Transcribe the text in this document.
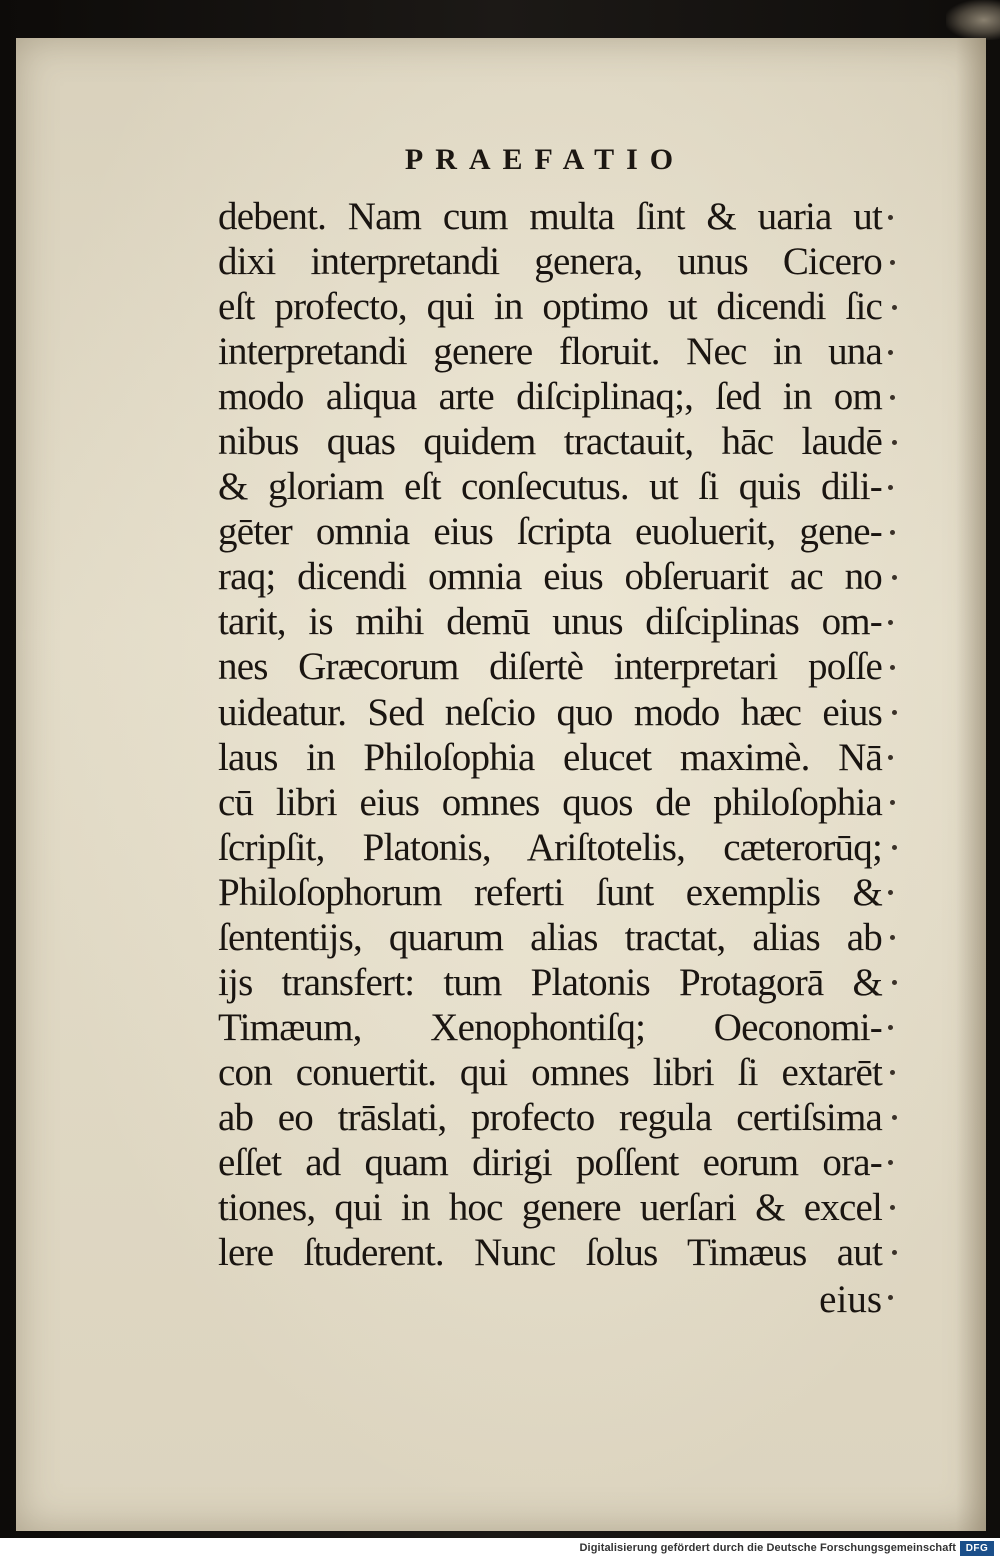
PRAEFATIO
debent. Nam cum multa ſint & uaria ut
dixi interpretandi genera, unus Cicero
eſt profecto, qui in optimo ut dicendi ſic
interpretandi genere floruit. Nec in una
modo aliqua arte diſciplinaq;, ſed in om
nibus quas quidem tractauit, hāc laudē
& gloriam eſt conſecutus. ut ſi quis dili-
gēter omnia eius ſcripta euoluerit, gene-
raq; dicendi omnia eius obſeruarit ac no
tarit, is mihi demū unus diſciplinas om-
nes Græcorum diſertè interpretari poſſe
uideatur. Sed neſcio quo modo hæc eius
laus in Philoſophia elucet maximè. Nā
cū libri eius omnes quos de philoſophia
ſcripſit, Platonis, Ariſtotelis, cæterorūq;
Philoſophorum referti ſunt exemplis &
ſententijs, quarum alias tractat, alias ab
ijs transfert: tum Platonis Protagorā &
Timæum, Xenophontiſq; Oeconomi-
con conuertit. qui omnes libri ſi extarēt
ab eo trāslati, profecto regula certiſsima
eſſet ad quam dirigi poſſent eorum ora-
tiones, qui in hoc genere uerſari & excel
lere ſtuderent. Nunc ſolus Timæus aut
eius
Digitalisierung gefördert durch die Deutsche Forschungsgemeinschaft DFG
